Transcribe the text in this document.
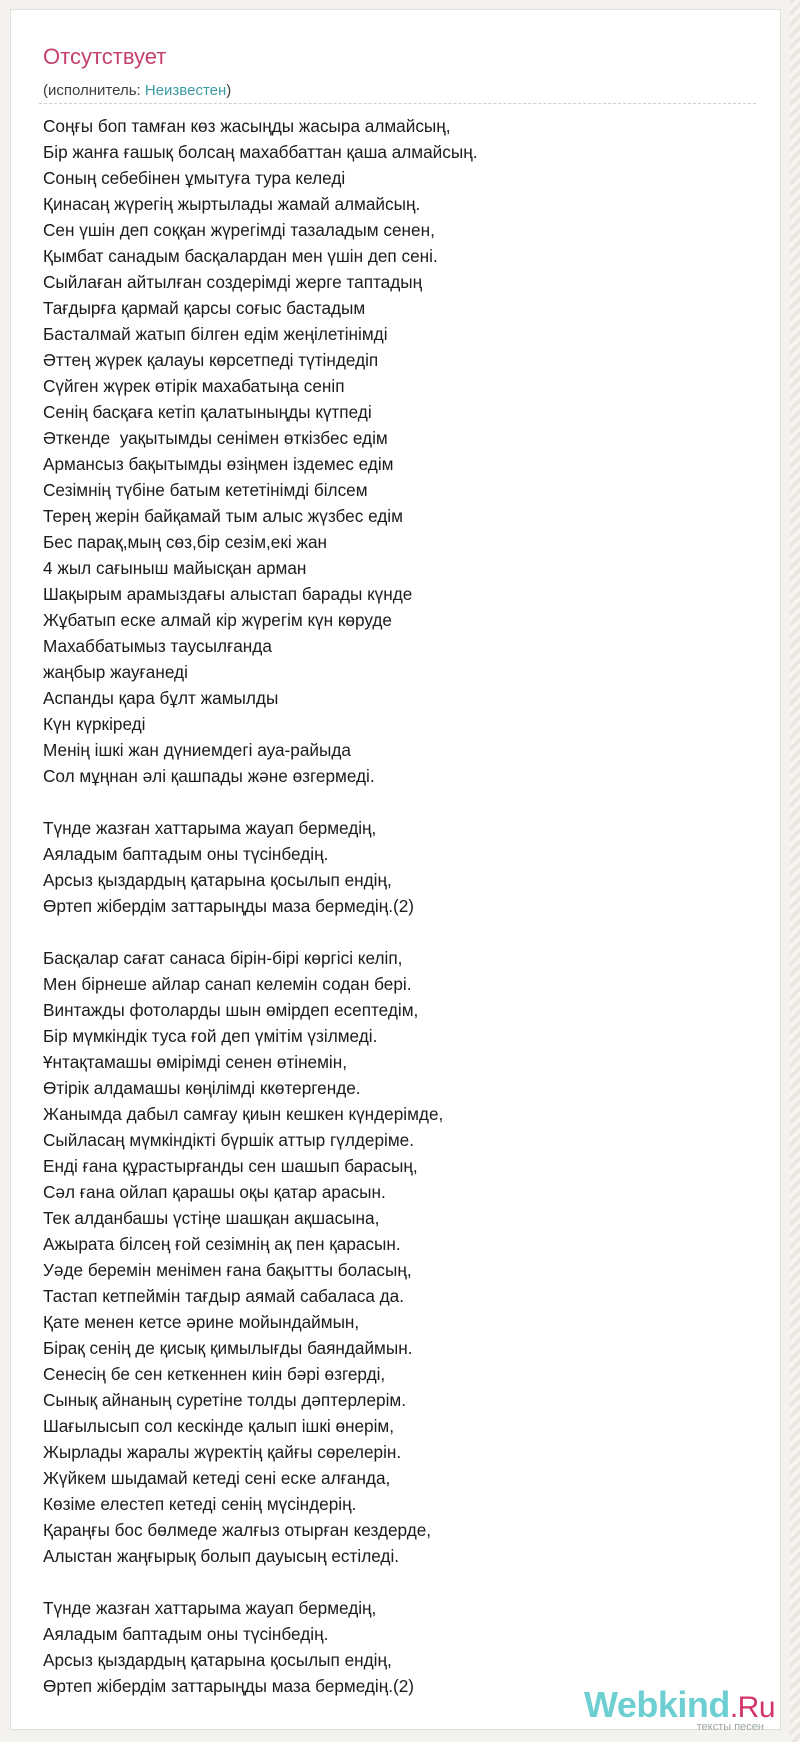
Отсутствует
(исполнитель: Неизвестен)
Соңғы боп тамған көз жасыңды жасыра алмайсың,
Бір жанға ғашық болсаң махаббаттан қаша алмайсың.
Соның себебінен ұмытуға тура келеді
Қинасаң жүрегің жыртылады жамай алмайсың.
Сен үшін деп соққан жүрегімді тазаладым сенен,
Қымбат санадым басқалардан мен үшін деп сені.
Сыйлаған айтылған создерімді жерге таптадың
Тағдырға қармай қарсы соғыс бастадым
Басталмай жатып білген едім жеңілетінімді
Әттең жүрек қалауы көрсетпеді түтіндедіп
Сүйген жүрек өтірік махабатыңа сеніп
Сенің басқаға кетіп қалатыныңды күтпеді
Әткенде  уақытымды сенімен өткізбес едім
Армансыз бақытымды өзіңмен іздемес едім
Сезімнің түбіне батым кететінімді білсем
Терең жерін байқамай тым алыс жүзбес едім
Бес парақ,мың сөз,бір сезім,екі жан
4 жыл сағыныш майысқан арман
Шақырым арамыздағы алыстап барады күнде
Жұбатып еске алмай кір жүрегім күн көруде
Махаббатымыз таусылғанда
жаңбыр жауғанеді
Аспанды қара бұлт жамылды
Күн күркіреді
Менің ішкі жан дүниемдегі ауа-райыда
Сол мұңнан әлі қашпады және өзгермеді.
Түнде жазған хаттарыма жауап бермедің,
Аяладым баптадым оны түсінбедің.
Арсыз қыздардың қатарына қосылып ендің,
Өртеп жібердім заттарыңды маза бермедің.(2)
Басқалар сағат санаса бірін-бірі көргісі келіп,
Мен бірнеше айлар санап келемін содан бері.
Винтажды фотоларды шын өмірдеп есептедім,
Бір мүмкіндік туса ғой деп үмітім үзілмеді.
Ұнтақтамашы өмірімді сенен өтінемін,
Өтірік алдамашы көңілімді ккөтергенде.
Жанымда дабыл самғау қиын кешкен күндерімде,
Сыйласаң мүмкіндікті бүршік аттыр гүлдеріме.
Енді ғана құрастырғанды сен шашып барасың,
Сәл ғана ойлап қарашы оқы қатар арасын.
Тек алданбашы үстіңе шашқан ақшасына,
Ажырата білсең ғой сезімнің ақ пен қарасын.
Уәде беремін менімен ғана бақытты боласың,
Тастап кетпеймін тағдыр аямай сабаласа да.
Қате менен кетсе әрине мойындаймын,
Бірақ сенің де қисық қимылығды баяндаймын.
Сенесің бе сен кеткеннен киін бәрі өзгерді,
Сынық айнаның суретіне толды дәптерлерім.
Шағылысып сол кескінде қалып ішкі өнерім,
Жырлады жаралы жүректің қайғы сөрелерін.
Жүйкем шыдамай кетеді сені еске алғанда,
Көзіме елестеп кетеді сенің мүсіндерің.
Қараңғы бос бөлмеде жалғыз отырған кездерде,
Алыстан жаңғырық болып дауысың естіледі.
Түнде жазған хаттарыма жауап бермедің,
Аяладым баптадым оны түсінбедің.
Арсыз қыздардың қатарына қосылып ендің,
Өртеп жібердім заттарыңды маза бермедің.(2)	Webkind.Ru
тексты песен
